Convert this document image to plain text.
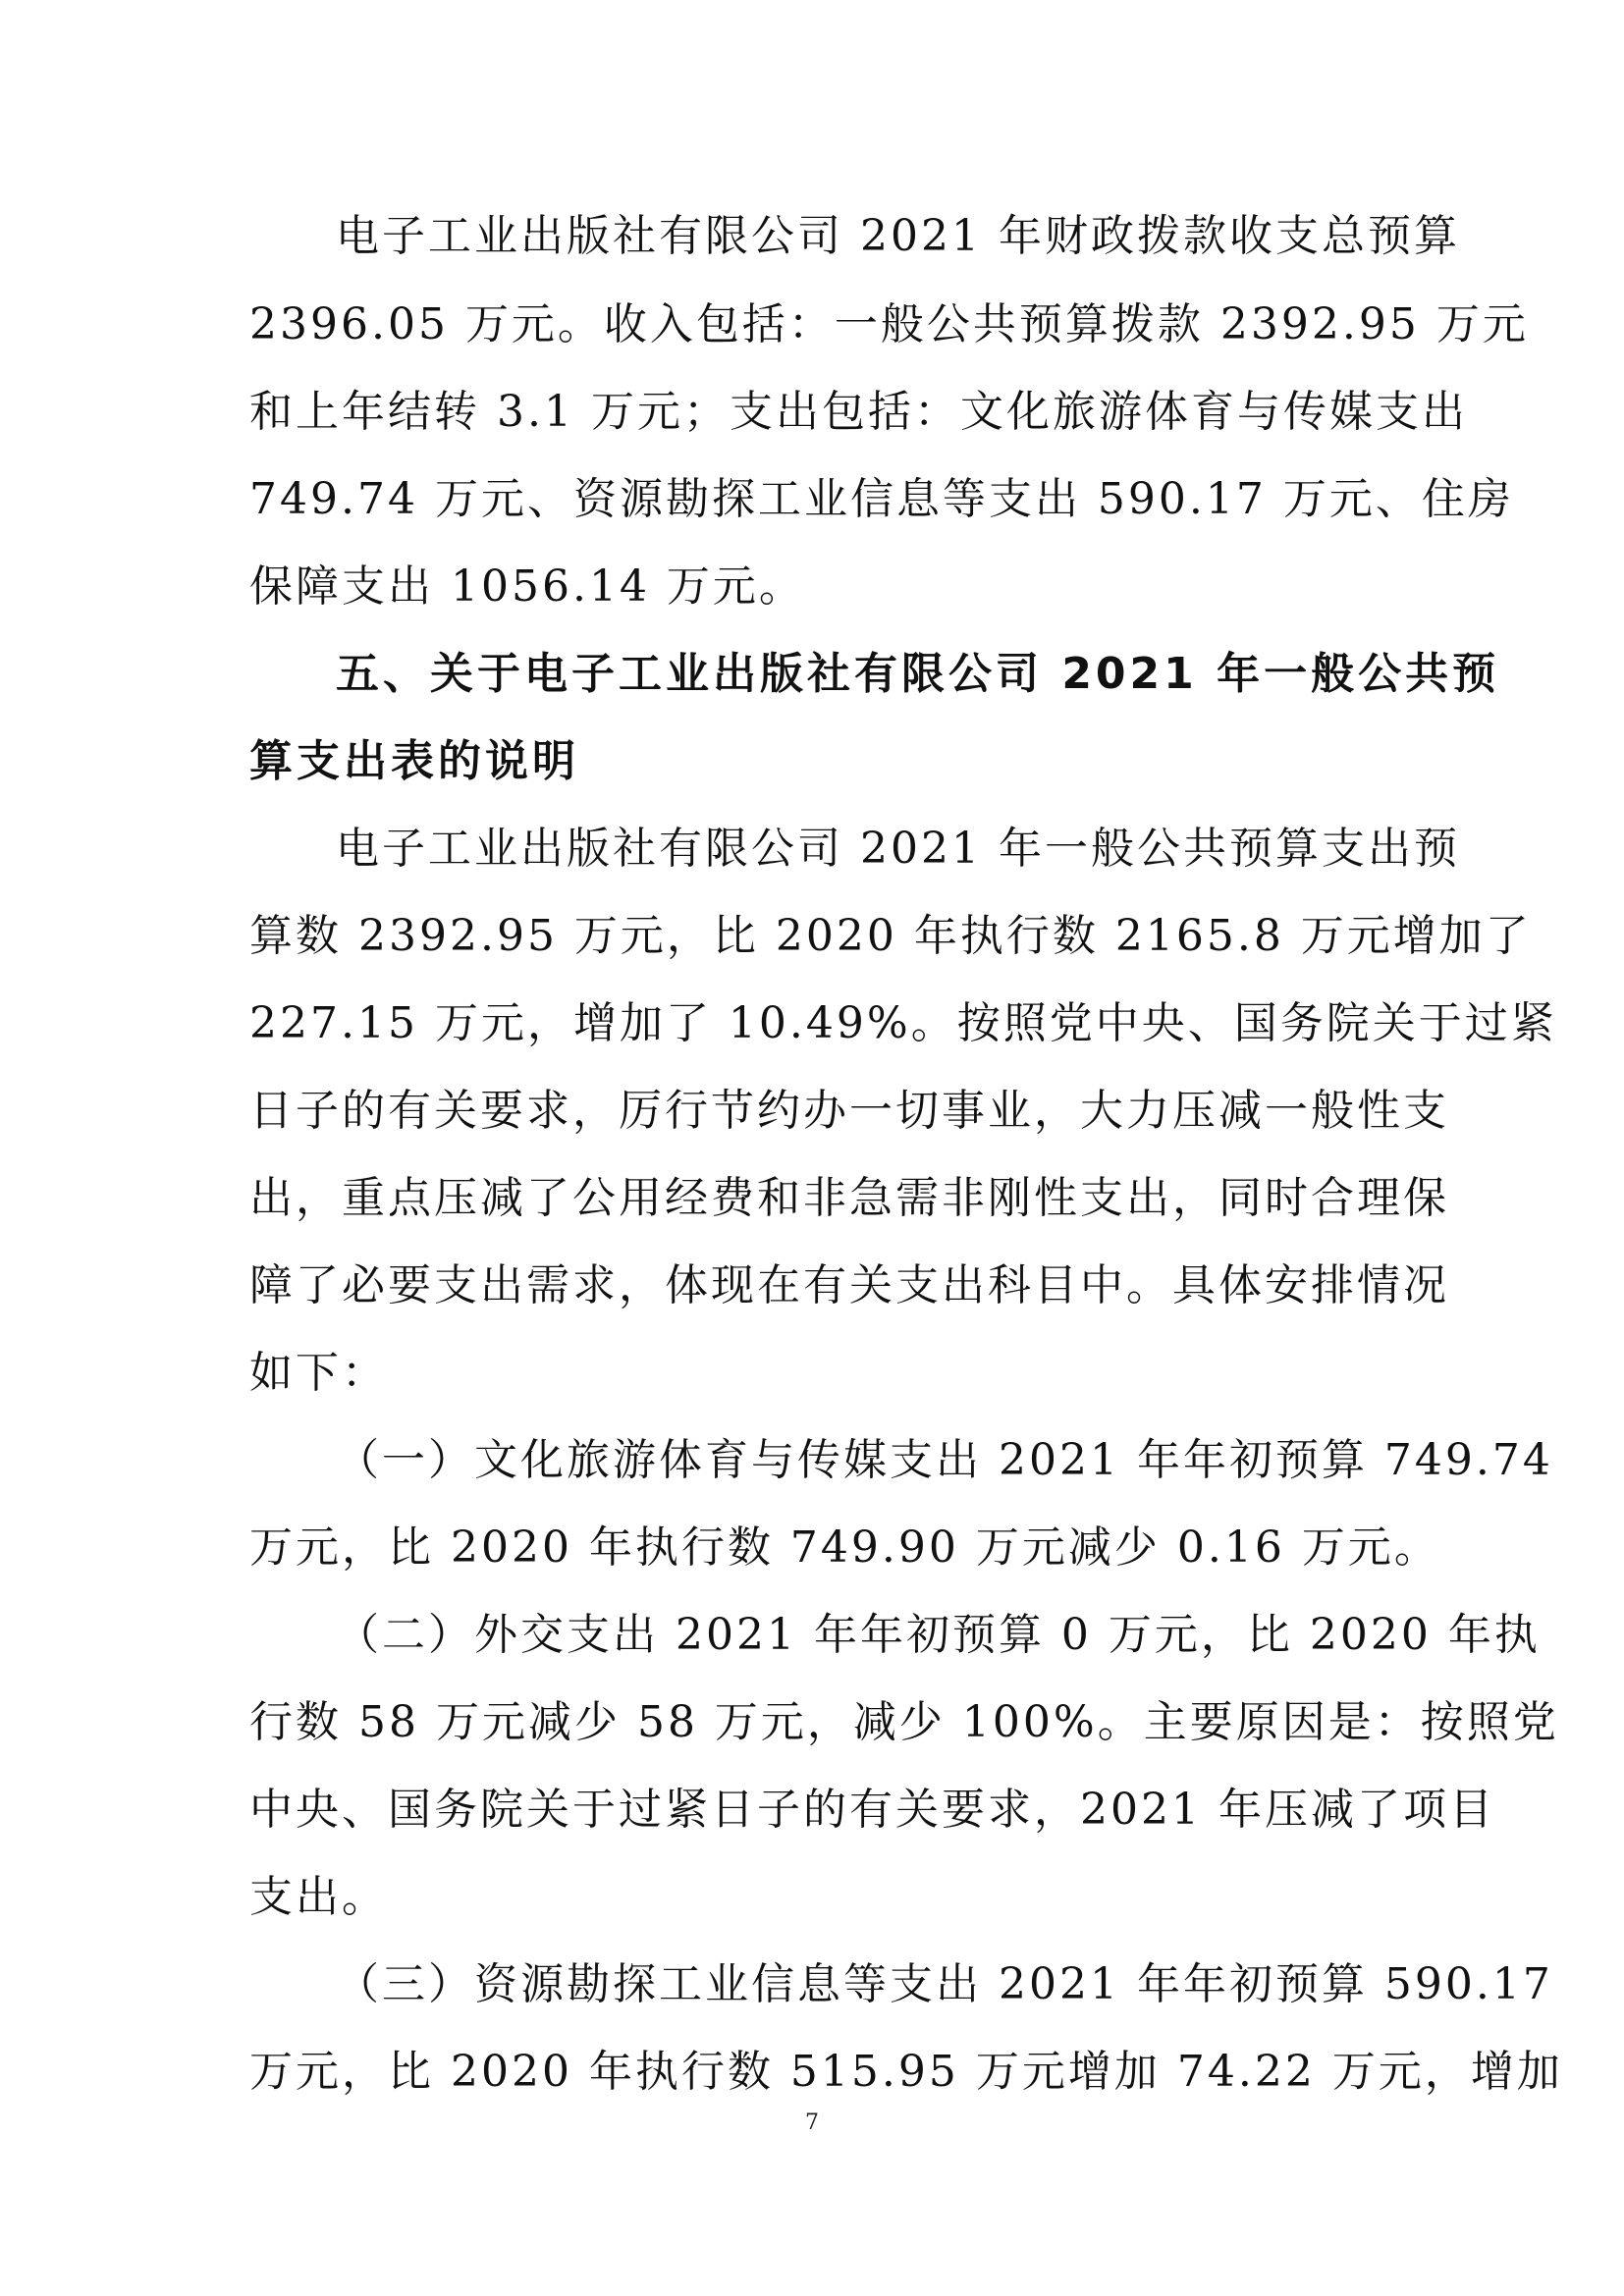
电子工业出版社有限公司 2021 年财政拨款收支总预算
2396.05 万元。收入包括：一般公共预算拨款 2392.95 万元
和上年结转 3.1 万元；支出包括：文化旅游体育与传媒支出
749.74 万元、资源勘探工业信息等支出 590.17 万元、住房
保障支出 1056.14 万元。
五、关于电子工业出版社有限公司 2021 年一般公共预
算支出表的说明
电子工业出版社有限公司 2021 年一般公共预算支出预
算数 2392.95 万元，比 2020 年执行数 2165.8 万元增加了
227.15 万元，增加了 10.49%。按照党中央、国务院关于过紧
日子的有关要求，厉行节约办一切事业，大力压减一般性支
出，重点压减了公用经费和非急需非刚性支出，同时合理保
障了必要支出需求，体现在有关支出科目中。具体安排情况
如下：
（一）文化旅游体育与传媒支出 2021 年年初预算 749.74
万元，比 2020 年执行数 749.90 万元减少 0.16 万元。
（二）外交支出 2021 年年初预算 0 万元，比 2020 年执
行数 58 万元减少 58 万元，减少 100%。主要原因是：按照党
中央、国务院关于过紧日子的有关要求，2021 年压减了项目
支出。
（三）资源勘探工业信息等支出 2021 年年初预算 590.17
万元，比 2020 年执行数 515.95 万元增加 74.22 万元，增加
7
